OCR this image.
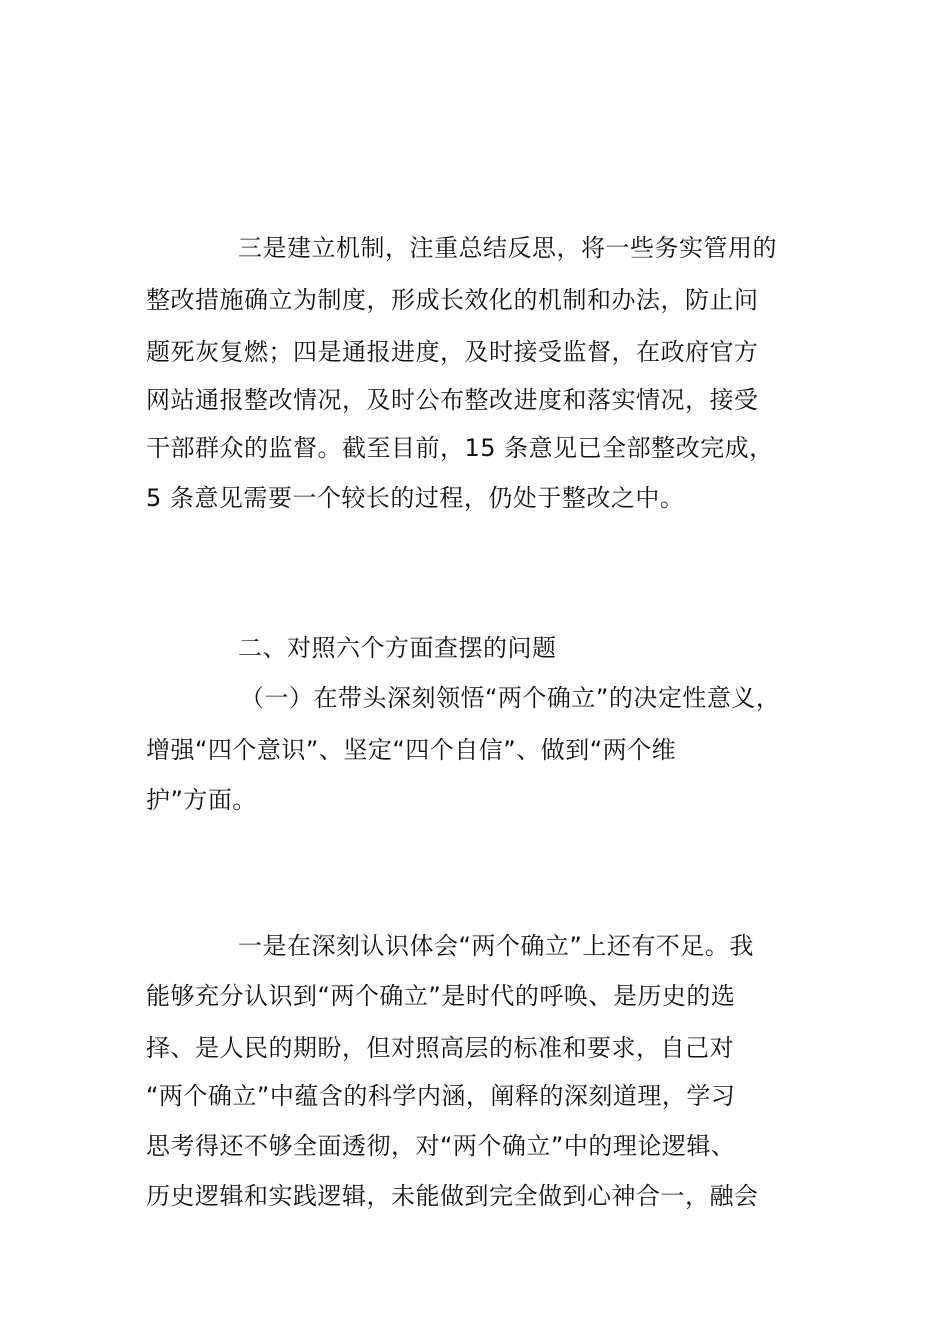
三是建立机制，注重总结反思，将一些务实管用的
整改措施确立为制度，形成长效化的机制和办法，防止问
题死灰复燃；四是通报进度，及时接受监督，在政府官方
网站通报整改情况，及时公布整改进度和落实情况，接受
干部群众的监督。截至目前，15 条意见已全部整改完成，
5 条意见需要一个较长的过程，仍处于整改之中。
二、对照六个方面查摆的问题
（一）在带头深刻领悟“两个确立”的决定性意义，
增强“四个意识”、坚定“四个自信”、做到“两个维
护”方面。
一是在深刻认识体会“两个确立”上还有不足。我
能够充分认识到“两个确立”是时代的呼唤、是历史的选
择、是人民的期盼，但对照高层的标准和要求，自己对
“两个确立”中蕴含的科学内涵，阐释的深刻道理，学习
思考得还不够全面透彻，对“两个确立”中的理论逻辑、
历史逻辑和实践逻辑，未能做到完全做到心神合一，融会
